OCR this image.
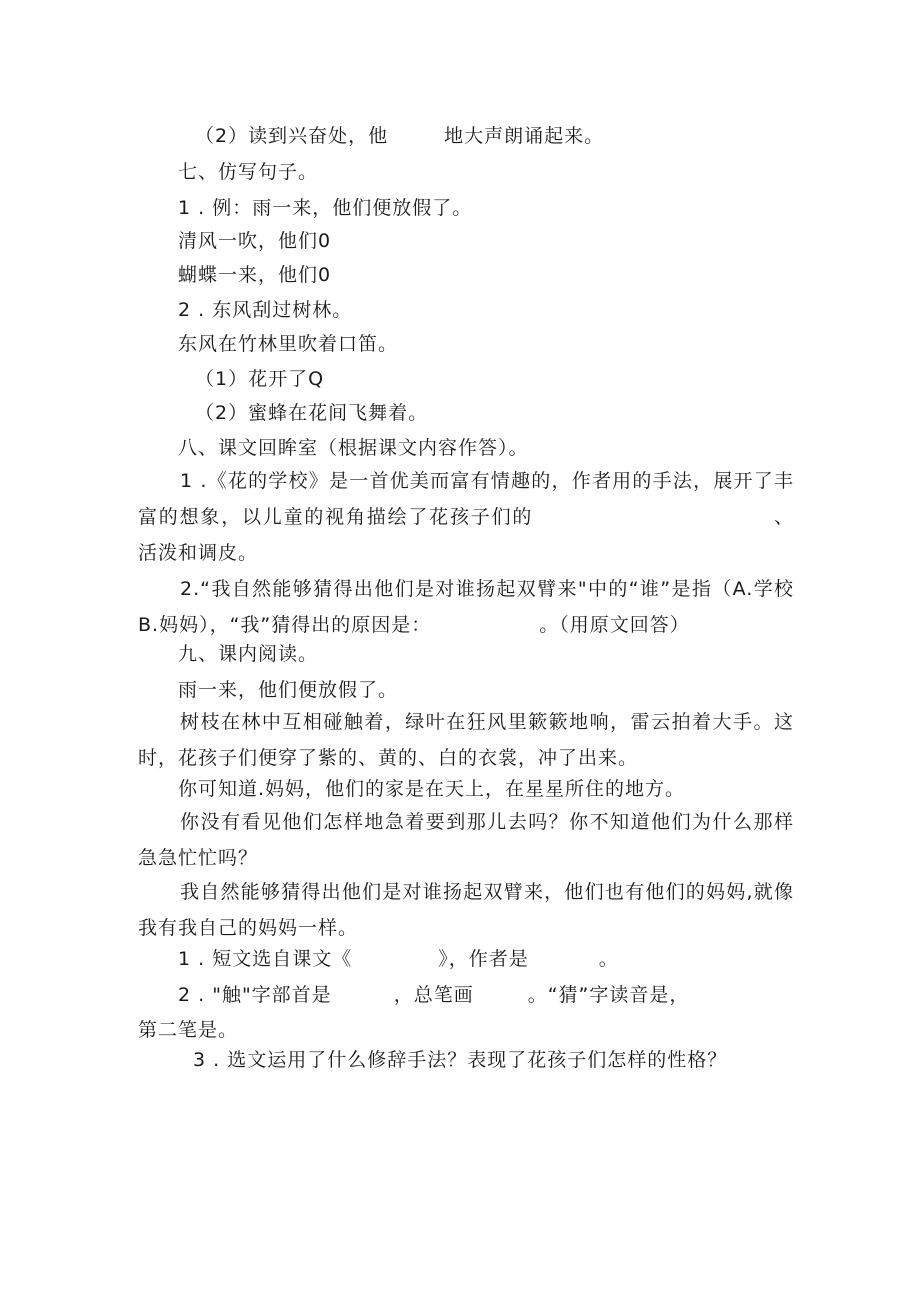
（2）读到兴奋处，他	地大声朗诵起来。
七、仿写句子。
1 . 例：雨一来，他们便放假了。
清风一吹，他们0
蝴蝶一来，他们0
2 . 东风刮过树林。
东风在竹林里吹着口笛。
（1）花开了Q
（2）蜜蜂在花间飞舞着。
八、课文回眸室（根据课文内容作答）。
1 .《花的学校》是一首优美而富有情趣的，作者用的手法，展开了丰富的想象，以儿童的视角描绘了花孩子们的	、活泼和调皮。
2.“我自然能够猜得出他们是对谁扬起双臂来"中的“谁”是指（A.学校B.妈妈），“我”猜得出的原因是：	。（用原文回答）
九、课内阅读。
雨一来，他们便放假了。
树枝在林中互相碰触着，绿叶在狂风里簌簌地响，雷云拍着大手。这时，花孩子们便穿了紫的、黄的、白的衣裳，冲了出来。
你可知道.妈妈，他们的家是在天上，在星星所住的地方。
你没有看见他们怎样地急着要到那儿去吗？你不知道他们为什么那样急急忙忙吗？
我自然能够猜得出他们是对谁扬起双臂来，他们也有他们的妈妈,就像我有我自己的妈妈一样。
1 . 短文选自课文《	》，作者是	。
2 . "触"字部首是	，总笔画	。“猜”字读音是，
第二笔是。
3 . 选文运用了什么修辞手法？表现了花孩子们怎样的性格？
